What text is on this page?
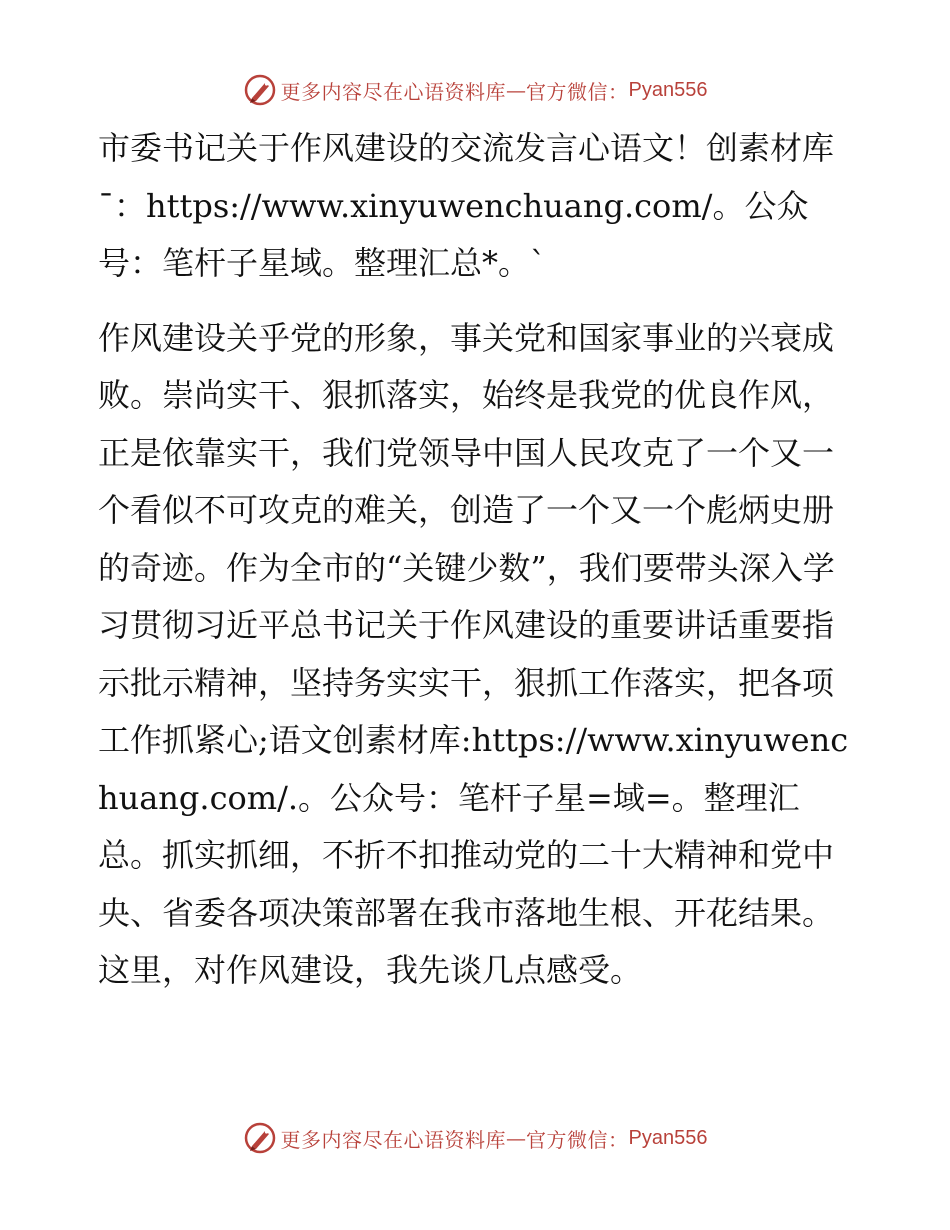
更多内容尽在心语资料库 — 官方微信： Pyan556

市委书记关于作风建设的交流发言心语文！创素材库¯：https://www.xinyuwenchuang.com/。公众号：笔杆子星域。整理汇总*。`

作风建设关乎党的形象，事关党和国家事业的兴衰成败。崇尚实干、狠抓落实，始终是我党的优良作风，正是依靠实干，我们党领导中国人民攻克了一个又一个看似不可攻克的难关，创造了一个又一个彪炳史册的奇迹。作为全市的“关键少数”，我们要带头深入学习贯彻习近平总书记关于作风建设的重要讲话重要指示批示精神，坚持务实实干，狠抓工作落实，把各项工作抓紧心;语文创素材库:https://www.xinyuwenchuang.com/.。公众号：笔杆子星=域=。整理汇总。抓实抓细，不折不扣推动党的二十大精神和党中央、省委各项决策部署在我市落地生根、开花结果。这里，对作风建设，我先谈几点感受。

更多内容尽在心语资料库 — 官方微信： Pyan556
